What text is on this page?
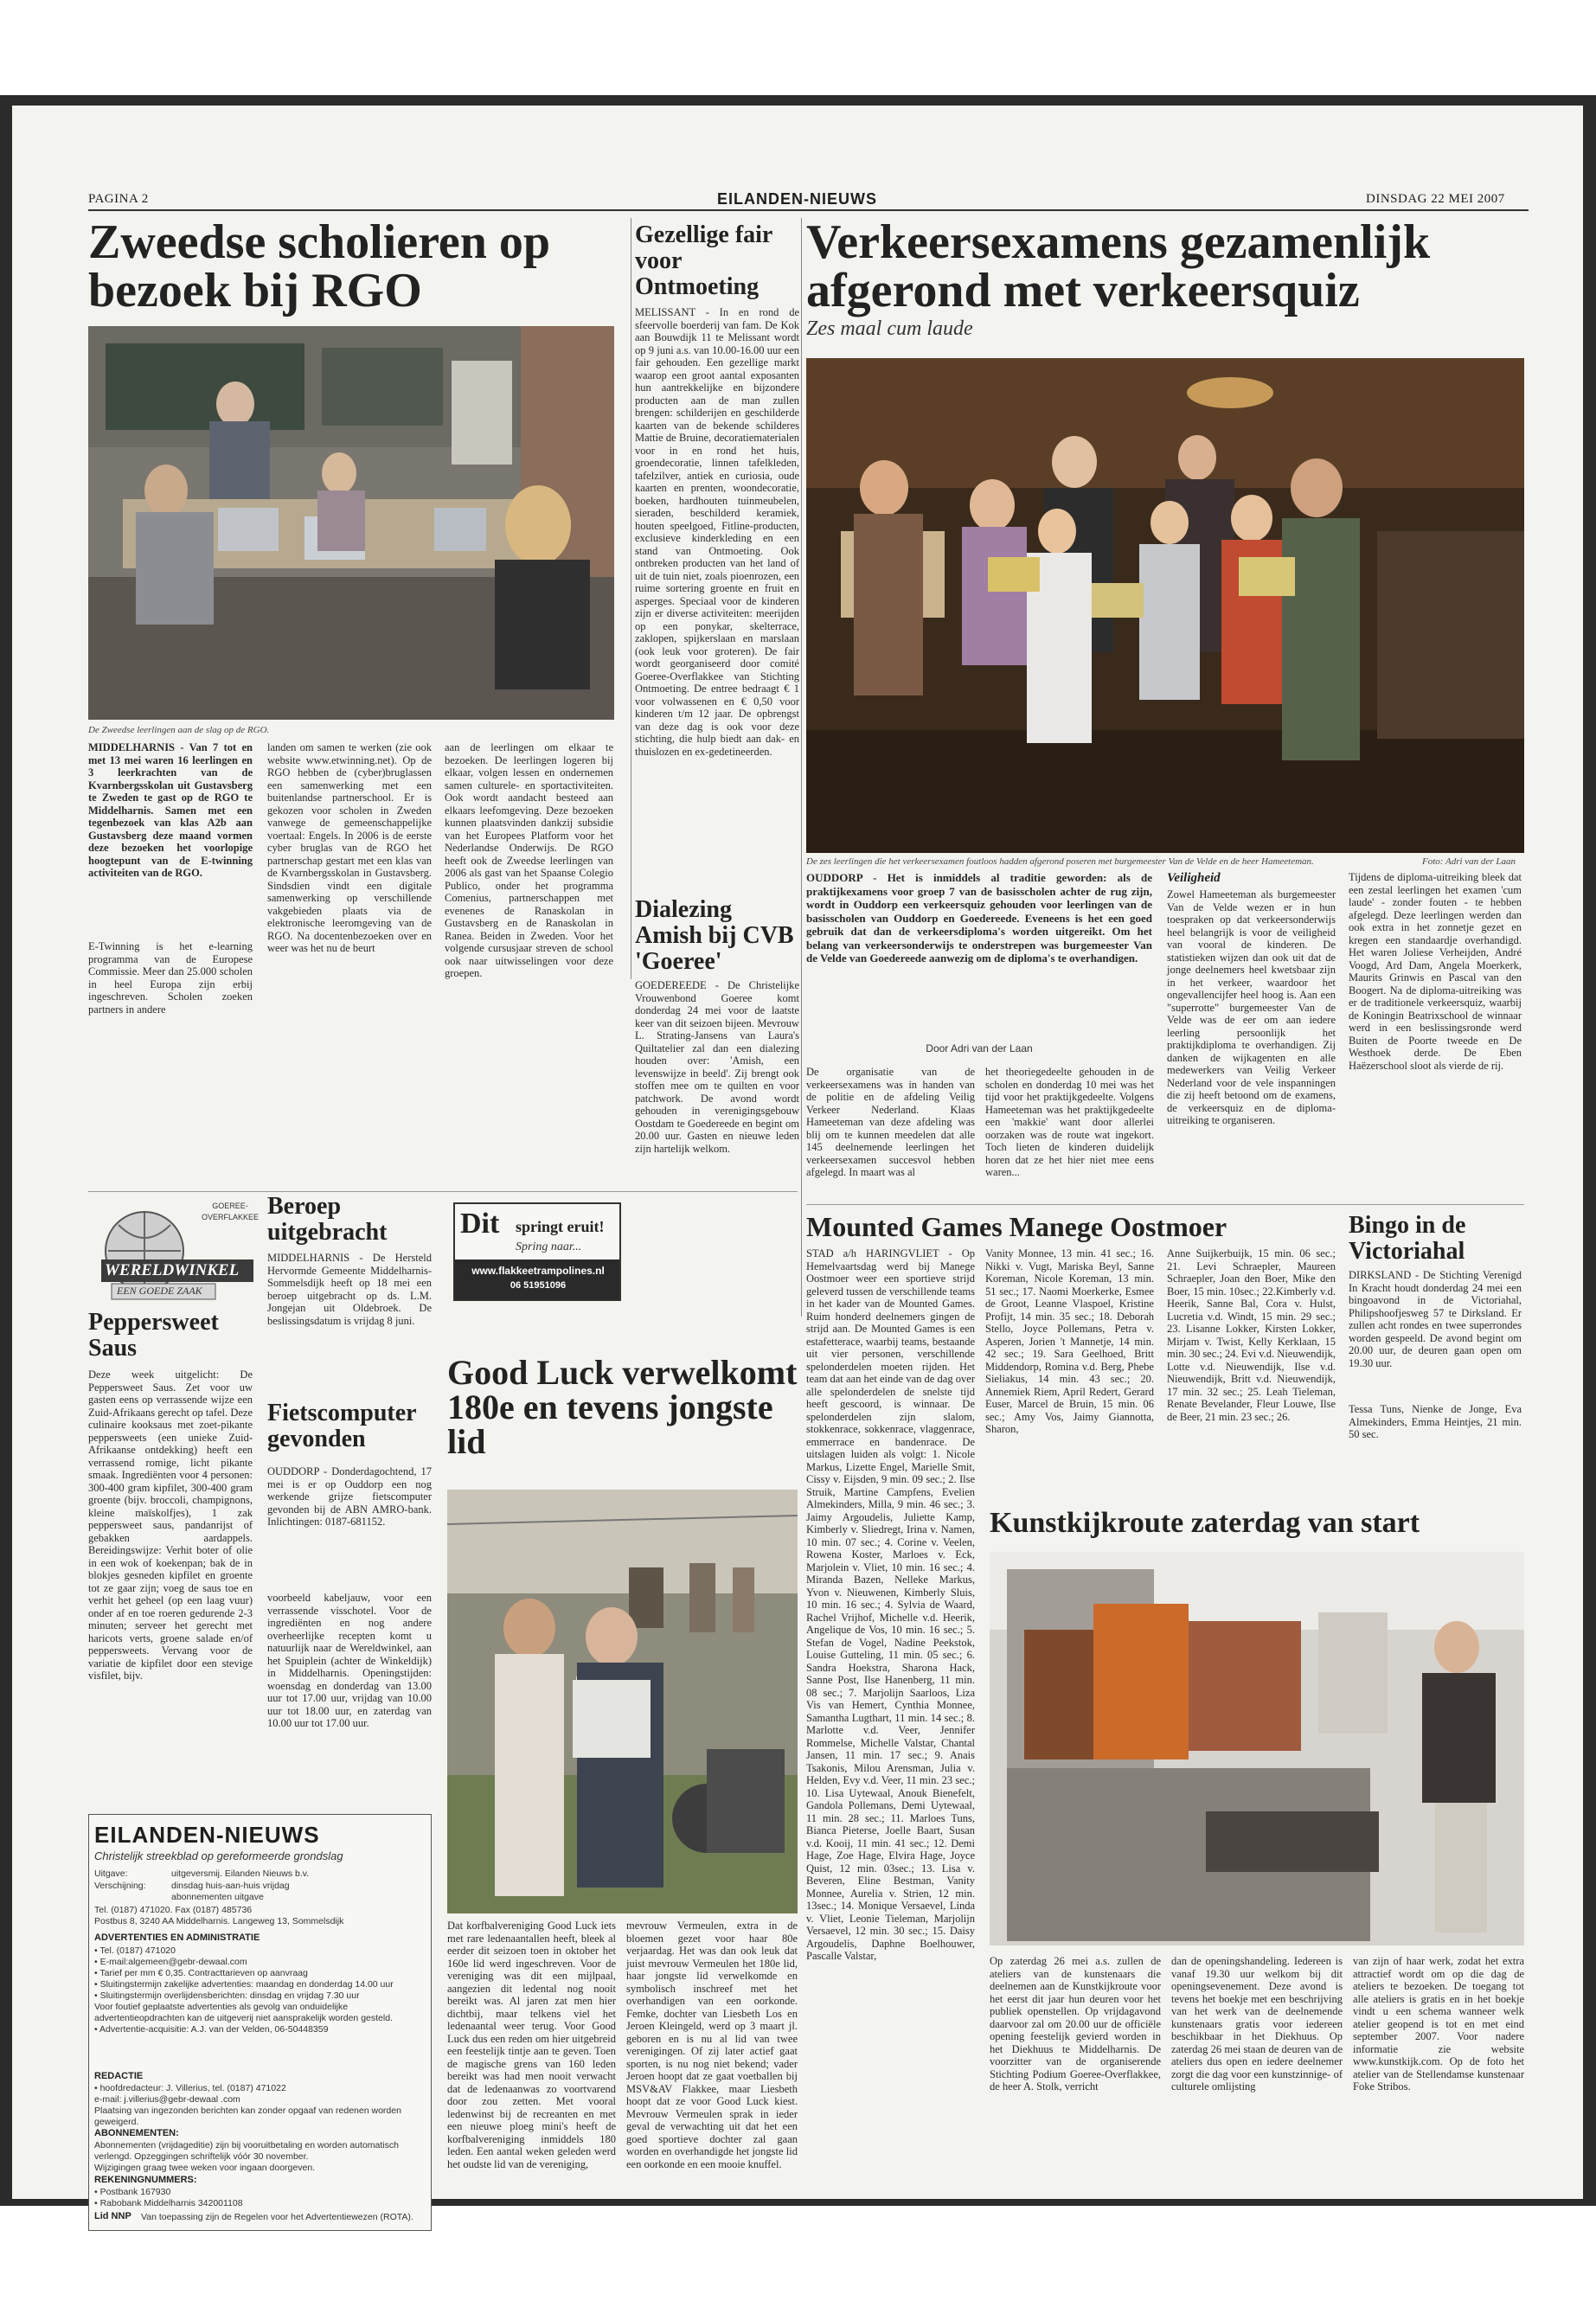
PAGINA 2	EILANDEN-NIEUWS	DINSDAG 22 MEI 2007
Zweedse scholieren op bezoek bij RGO
De Zweedse leerlingen aan de slag op de RGO.
MIDDELHARNIS - Van 7 tot en met 13 mei waren 16 leerlingen en 3 leerkrachten van de Kvarnbergsskolan uit Gustavsberg te Zweden te gast op de RGO te Middelharnis. Samen met een tegenbezoek van klas A2b aan Gustavsberg deze maand vormen deze bezoeken het voorlopige hoogtepunt van de E-twinning activiteiten van de RGO.
E-Twinning is het e-learning programma van de Europese Commissie. Meer dan 25.000 scholen in heel Europa zijn erbij ingeschreven. Scholen zoeken partners in andere
landen om samen te werken (zie ook website www.etwinning.net). Op de RGO hebben de (cyber)bruglassen een samenwerking met een buitenlandse partnerschool. Er is gekozen voor scholen in Zweden vanwege de gemeenschappelijke voertaal: Engels. In 2006 is de eerste cyber bruglas van de RGO het partnerschap gestart met een klas van de Kvarnbergsskolan in Gustavsberg. Sindsdien vindt een digitale samenwerking op verschillende vakgebieden plaats via de elektronische leeromgeving van de RGO. Na docentenbezoeken over en weer was het nu de beurt
aan de leerlingen om elkaar te bezoeken. De leerlingen logeren bij elkaar, volgen lessen en ondernemen samen culturele- en sportactiviteiten. Ook wordt aandacht besteed aan elkaars leefomgeving. Deze bezoeken kunnen plaatsvinden dankzij subsidie van het Europees Platform voor het Nederlandse Onderwijs. De RGO heeft ook de Zweedse leerlingen van 2006 als gast van het Spaanse Colegio Publico, onder het programma Comenius, partnerschappen met evenenes de Ranaskolan in Gustavsberg en de Ranaskolan in Ranea. Beiden in Zweden. Voor het volgende cursusjaar streven de school ook naar uitwisselingen voor deze groepen.
Gezellige fair voor Ontmoeting
MELISSANT - In en rond de sfeervolle boerderij van fam. De Kok aan Bouwdijk 11 te Melissant wordt op 9 juni a.s. van 10.00-16.00 uur een fair gehouden. Een gezellige markt waarop een groot aantal exposanten hun aantrekkelijke en bijzondere producten aan de man zullen brengen: schilderijen en geschilderde kaarten van de bekende schilderes Mattie de Bruine, decoratiematerialen voor in en rond het huis, groendecoratie, linnen tafelkleden, tafelzilver, antiek en curiosia, oude kaarten en prenten, woondecoratie, boeken, hardhouten tuinmeubelen, sieraden, beschilderd keramiek, houten speelgoed, Fitline-producten, exclusieve kinderkleding en een stand van Ontmoeting. Ook ontbreken producten van het land of uit de tuin niet, zoals pioenrozen, een ruime sortering groente en fruit en asperges. Speciaal voor de kinderen zijn er diverse activiteiten: meerijden op een ponykar, skelterrace, zaklopen, spijkerslaan en marslaan (ook leuk voor groteren). De fair wordt georganiseerd door comité Goeree-Overflakkee van Stichting Ontmoeting. De entree bedraagt € 1 voor volwassenen en € 0,50 voor kinderen t/m 12 jaar. De opbrengst van deze dag is ook voor deze stichting, die hulp biedt aan dak- en thuislozen en ex-gedetineerden.
Dialezing Amish bij CVB 'Goeree'
GOEDEREEDE - De Christelijke Vrouwenbond Goeree komt donderdag 24 mei voor de laatste keer van dit seizoen bijeen. Mevrouw L. Strating-Jansens van Laura's Quiltatelier zal dan een dialezing houden over: 'Amish, een levenswijze in beeld'. Zij brengt ook stoffen mee om te quilten en voor patchwork. De avond wordt gehouden in verenigingsgebouw Oostdam te Goedereede en begint om 20.00 uur. Gasten en nieuwe leden zijn hartelijk welkom.
Verkeersexamens gezamenlijk afgerond met verkeersquiz
Zes maal cum laude
De zes leerlingen die het verkeersexamen foutloos hadden afgerond poseren met burgemeester Van de Velde en de heer Hameeteman.	Foto: Adri van der Laan
OUDDORP - Het is inmiddels al traditie geworden: als de praktijkexamens voor groep 7 van de basisscholen achter de rug zijn, wordt in Ouddorp een verkeersquiz gehouden voor leerlingen van de basisscholen van Ouddorp en Goedereede. Eveneens is het een goed gebruik dat dan de verkeersdiploma's worden uitgereikt. Om het belang van verkeersonderwijs te onderstrepen was burgemeester Van de Velde van Goedereede aanwezig om de diploma's te overhandigen.
Door Adri van der Laan
De organisatie van de verkeersexamens was in handen van de politie en de afdeling Veilig Verkeer Nederland. Klaas Hameeteman van deze afdeling was blij om te kunnen meedelen dat alle 145 deelnemende leerlingen het verkeersexamen succesvol hebben afgelegd. In maart was al
het theoriegedeelte gehouden in de scholen en donderdag 10 mei was het tijd voor het praktijkgedeelte. Volgens Hameeteman was het praktijkgedeelte een 'makkie' want door allerlei oorzaken was de route wat ingekort. Toch lieten de kinderen duidelijk horen dat ze het hier niet mee eens waren...
Veiligheid
Zowel Hameeteman als burgemeester Van de Velde wezen er in hun toespraken op dat verkeersonderwijs heel belangrijk is voor de veiligheid van vooral de kinderen. De statistieken wijzen dan ook uit dat de jonge deelnemers heel kwetsbaar zijn in het verkeer, waardoor het ongevallencijfer heel hoog is. Aan een "superrotte" burgemeester Van de Velde was de eer om aan iedere leerling persoonlijk het praktijkdiploma te overhandigen. Zij danken de wijkagenten en alle medewerkers van Veilig Verkeer Nederland voor de vele inspanningen die zij heeft betoond om de examens, de verkeersquiz en de diploma-uitreiking te organiseren.
Tijdens de diploma-uitreiking bleek dat een zestal leerlingen het examen 'cum laude' - zonder fouten - te hebben afgelegd. Deze leerlingen werden dan ook extra in het zonnetje gezet en kregen een standaardje overhandigd. Het waren Joliese Verheijden, André Voogd, Ard Dam, Angela Moerkerk, Maurits Grinwis en Pascal van den Boogert. Na de diploma-uitreiking was er de traditionele verkeersquiz, waarbij de Koningin Beatrixschool de winnaar werd in een beslissingsronde werd Buiten de Poorte tweede en De Westhoek derde. De Eben Haëzerschool sloot als vierde de rij.
GOEREE-OVERFLAKKEE
WERELDWINKEL
EEN GOEDE ZAAK
Peppersweet Saus
Deze week uitgelicht: De Peppersweet Saus. Zet voor uw gasten eens op verrassende wijze een Zuid-Afrikaans gerecht op tafel. Deze culinaire kooksaus met zoet-pikante peppersweets (een unieke Zuid-Afrikaanse ontdekking) heeft een verrassend romige, licht pikante smaak. Ingrediënten voor 4 personen: 300-400 gram kipfilet, 300-400 gram groente (bijv. broccoli, champignons, kleine maïskolfjes), 1 zak peppersweet saus, pandanrijst of gebakken aardappels. Bereidingswijze: Verhit boter of olie in een wok of koekenpan; bak de in blokjes gesneden kipfilet en groente tot ze gaar zijn; voeg de saus toe en verhit het geheel (op een laag vuur) onder af en toe roeren gedurende 2-3 minuten; serveer het gerecht met haricots verts, groene salade en/of peppersweets. Vervang voor de variatie de kipfilet door een stevige visfilet, bijv.
Beroep uitgebracht
MIDDELHARNIS - De Hersteld Hervormde Gemeente Middelharnis-Sommelsdijk heeft op 18 mei een beroep uitgebracht op ds. L.M. Jongejan uit Oldebroek. De beslissingsdatum is vrijdag 8 juni.
Dit springt eruit!
Spring naar...
www.flakkeetrampolines.nl
06 51951096
Fietscomputer gevonden
OUDDORP - Donderdagochtend, 17 mei is er op Ouddorp een nog werkende grijze fietscomputer gevonden bij de ABN AMRO-bank. Inlichtingen: 0187-681152.
voorbeeld kabeljauw, voor een verrassende visschotel. Voor de ingrediënten en nog andere overheerlijke recepten komt u natuurlijk naar de Wereldwinkel, aan het Spuiplein (achter de Winkeldijk) in Middelharnis. Openingstijden: woensdag en donderdag van 13.00 uur tot 17.00 uur, vrijdag van 10.00 uur tot 18.00 uur, en zaterdag van 10.00 uur tot 17.00 uur.
Good Luck verwelkomt 180e en tevens jongste lid
Dat korfbalvereniging Good Luck iets met rare ledenaantallen heeft, bleek al eerder dit seizoen toen in oktober het 160e lid werd ingeschreven. Voor de vereniging was dit een mijlpaal, aangezien dit ledental nog nooit bereikt was. Al jaren zat men hier dichtbij, maar telkens viel het ledenaantal weer terug. Voor Good Luck dus een reden om hier uitgebreid een feestelijk tintje aan te geven. Toen de magische grens van 160 leden bereikt was had men nooit verwacht dat de ledenaanwas zo voortvarend door zou zetten. Met vooral ledenwinst bij de recreanten en met een nieuwe ploeg mini's heeft de korfbalvereniging inmiddels 180 leden. Een aantal weken geleden werd het oudste lid van de vereniging,
mevrouw Vermeulen, extra in de bloemen gezet voor haar 80e verjaardag. Het was dan ook leuk dat juist mevrouw Vermeulen het 180e lid, haar jongste lid verwelkomde en symbolisch inschreef met het overhandigen van een oorkonde. Femke, dochter van Liesbeth Los en Jeroen Kleingeld, werd op 3 maart jl. geboren en is nu al lid van twee verenigingen. Of zij later actief gaat sporten, is nu nog niet bekend; vader Jeroen hoopt dat ze gaat voetballen bij MSV&AV Flakkee, maar Liesbeth hoopt dat ze voor Good Luck kiest. Mevrouw Vermeulen sprak in ieder geval de verwachting uit dat het een goed sportieve dochter zal gaan worden en overhandigde het jongste lid een oorkonde en een mooie knuffel.
Mounted Games Manege Oostmoer
STAD a/h HARINGVLIET - Op Hemelvaartsdag werd bij Manege Oostmoer weer een sportieve strijd geleverd tussen de verschillende teams in het kader van de Mounted Games. Ruim honderd deelnemers gingen de strijd aan. De Mounted Games is een estafetterace, waarbij teams, bestaande uit vier personen, verschillende spelonderdelen moeten rijden. Het team dat aan het einde van de dag over alle spelonderdelen de snelste tijd heeft gescoord, is winnaar. De spelonderdelen zijn slalom, stokkenrace, sokkenrace, vlaggenrace, emmerrace en bandenrace. De uitslagen luiden als volgt: 1. Nicole Markus, Lizette Engel, Marielle Smit, Cissy v. Eijsden, 9 min. 09 sec.; 2. Ilse Struik, Martine Campfens, Evelien Almekinders, Milla, 9 min. 46 sec.; 3. Jaimy Argoudelis, Juliette Kamp, Kimberly v. Sliedregt, Irina v. Namen, 10 min. 07 sec.; 4. Corine v. Veelen, Rowena Koster, Marloes v. Eck, Marjolein v. Vliet, 10 min. 16 sec.; 4. Miranda Bazen, Nelleke Markus, Yvon v. Nieuwenen, Kimberly Sluis, 10 min. 16 sec.; 4. Sylvia de Waard, Rachel Vrijhof, Michelle v.d. Heerik, Angelique de Vos, 10 min. 16 sec.; 5. Stefan de Vogel, Nadine Peekstok, Louise Gutteling, 11 min. 05 sec.; 6. Sandra Hoekstra, Sharona Hack, Sanne Post, Ilse Hanenberg, 11 min. 08 sec.; 7. Marjolijn Saarloos, Liza Vis van Hemert, Cynthia Monnee, Samantha Lugthart, 11 min. 14 sec.; 8. Marlotte v.d. Veer, Jennifer Rommelse, Michelle Valstar, Chantal Jansen, 11 min. 17 sec.; 9. Anais Tsakonis, Milou Arensman, Julia v. Helden, Evy v.d. Veer, 11 min. 23 sec.; 10. Lisa Uytewaal, Anouk Bienefelt, Gandola Pollemans, Demi Uytewaal, 11 min. 28 sec.; 11. Marloes Tuns, Bianca Pieterse, Joelle Baart, Susan v.d. Kooij, 11 min. 41 sec.; 12. Demi Hage, Zoe Hage, Elvira Hage, Joyce Quist, 12 min. 03sec.; 13. Lisa v. Beveren, Eline Bestman, Vanity Monnee, Aurelia v. Strien, 12 min. 13sec.; 14. Monique Versaevel, Linda v. Vliet, Leonie Tieleman, Marjolijn Versaevel, 12 min. 30 sec.; 15. Daisy Argoudelis, Daphne Boelhouwer, Pascalle Valstar,
Vanity Monnee, 13 min. 41 sec.; 16. Nikki v. Vugt, Mariska Beyl, Sanne Koreman, Nicole Koreman, 13 min. 51 sec.; 17. Naomi Moerkerke, Esmee de Groot, Leanne Vlaspoel, Kristine Profijt, 14 min. 35 sec.; 18. Deborah Stello, Joyce Pollemans, Petra v. Asperen, Jorien 't Mannetje, 14 min. 42 sec.; 19. Sara Geelhoed, Britt Middendorp, Romina v.d. Berg, Phebe Sieliakus, 14 min. 43 sec.; 20. Annemiek Riem, April Redert, Gerard Euser, Marcel de Bruin, 15 min. 06 sec.; Amy Vos, Jaimy Giannotta, Sharon,
Anne Suijkerbuijk, 15 min. 06 sec.; 21. Levi Schraepler, Maureen Schraepler, Joan den Boer, Mike den Boer, 15 min. 10sec.; 22.Kimberly v.d. Heerik, Sanne Bal, Cora v. Hulst, Lucretia v.d. Windt, 15 min. 29 sec.; 23. Lisanne Lokker, Kirsten Lokker, Mirjam v. Twist, Kelly Kerklaan, 15 min. 30 sec.; 24. Evi v.d. Nieuwendijk, Lotte v.d. Nieuwendijk, Ilse v.d. Nieuwendijk, Britt v.d. Nieuwendijk, 17 min. 32 sec.; 25. Leah Tieleman, Renate Bevelander, Fleur Louwe, Ilse de Beer, 21 min. 23 sec.; 26.
Bingo in de Victoriahal
DIRKSLAND - De Stichting Verenigd In Kracht houdt donderdag 24 mei een bingoavond in de Victoriahal, Philipshoofjesweg 57 te Dirksland. Er zullen acht rondes en twee superrondes worden gespeeld. De avond begint om 20.00 uur, de deuren gaan open om 19.30 uur.
Tessa Tuns, Nienke de Jonge, Eva Almekinders, Emma Heintjes, 21 min. 50 sec.
Kunstkijkroute zaterdag van start
Op zaterdag 26 mei a.s. zullen de ateliers van de kunstenaars die deelnemen aan de Kunstkijkroute voor het eerst dit jaar hun deuren voor het publiek openstellen. Op vrijdagavond daarvoor zal om 20.00 uur de officiële opening feestelijk gevierd worden in het Diekhuus te Middelharnis. De voorzitter van de organiserende Stichting Podium Goeree-Overflakkee, de heer A. Stolk, verricht
dan de openingshandeling. Iedereen is vanaf 19.30 uur welkom bij dit openingsevenement. Deze avond is tevens het boekje met een beschrijving van het werk van de deelnemende kunstenaars gratis voor iedereen beschikbaar in het Diekhuus. Op zaterdag 26 mei staan de deuren van de ateliers dus open en iedere deelnemer zorgt die dag voor een kunstzinnige- of culturele omlijsting
van zijn of haar werk, zodat het extra attractief wordt om op die dag de ateliers te bezoeken. De toegang tot alle ateliers is gratis en in het boekje vindt u een schema wanneer welk atelier geopend is tot en met eind september 2007. Voor nadere informatie zie website www.kunstkijk.com. Op de foto het atelier van de Stellendamse kunstenaar Foke Stribos.
EILANDEN-NIEUWS
Christelijk streekblad op gereformeerde grondslag
Uitgave:	uitgeversmij. Eilanden Nieuws b.v.
Verschijning:	dinsdag huis-aan-huis vrijdag abonnementen uitgave
Tel. (0187) 471020. Fax (0187) 485736
Postbus 8, 3240 AA Middelharnis. Langeweg 13, Sommelsdijk
ADVERTENTIES EN ADMINISTRATIE
• Tel. (0187) 471020
• E-mail:algemeen@gebr-dewaal.com
• Tarief per mm € 0,35. Contracttarieven op aanvraag
• Sluitingstermijn zakelijke advertenties: maandag en donderdag 14.00 uur
• Sluitingstermijn overlijdensberichten: dinsdag en vrijdag 7.30 uur
Voor foutief geplaatste advertenties als gevolg van onduidelijke advertentieopdrachten kan de uitgeverij niet aansprakelijk worden gesteld.
• Advertentie-acquisitie: A.J. van der Velden, 06-50448359
REDACTIE
• hoofdredacteur: J. Villerius, tel. (0187) 471022
e-mail: j.villerius@gebr-dewaal .com
Plaatsing van ingezonden berichten kan zonder opgaaf van redenen worden geweigerd.
ABONNEMENTEN:
Abonnementen (vrijdageditie) zijn bij vooruitbetaling en worden automatisch verlengd. Opzeggingen schriftelijk vóór 30 november.
Wijzigingen graag twee weken voor ingaan doorgeven.
REKENINGNUMMERS:
• Postbank 167930
• Rabobank Middelharnis 342001108
Lid NNP Van toepassing zijn de Regelen voor het Advertentiewezen (ROTA).
